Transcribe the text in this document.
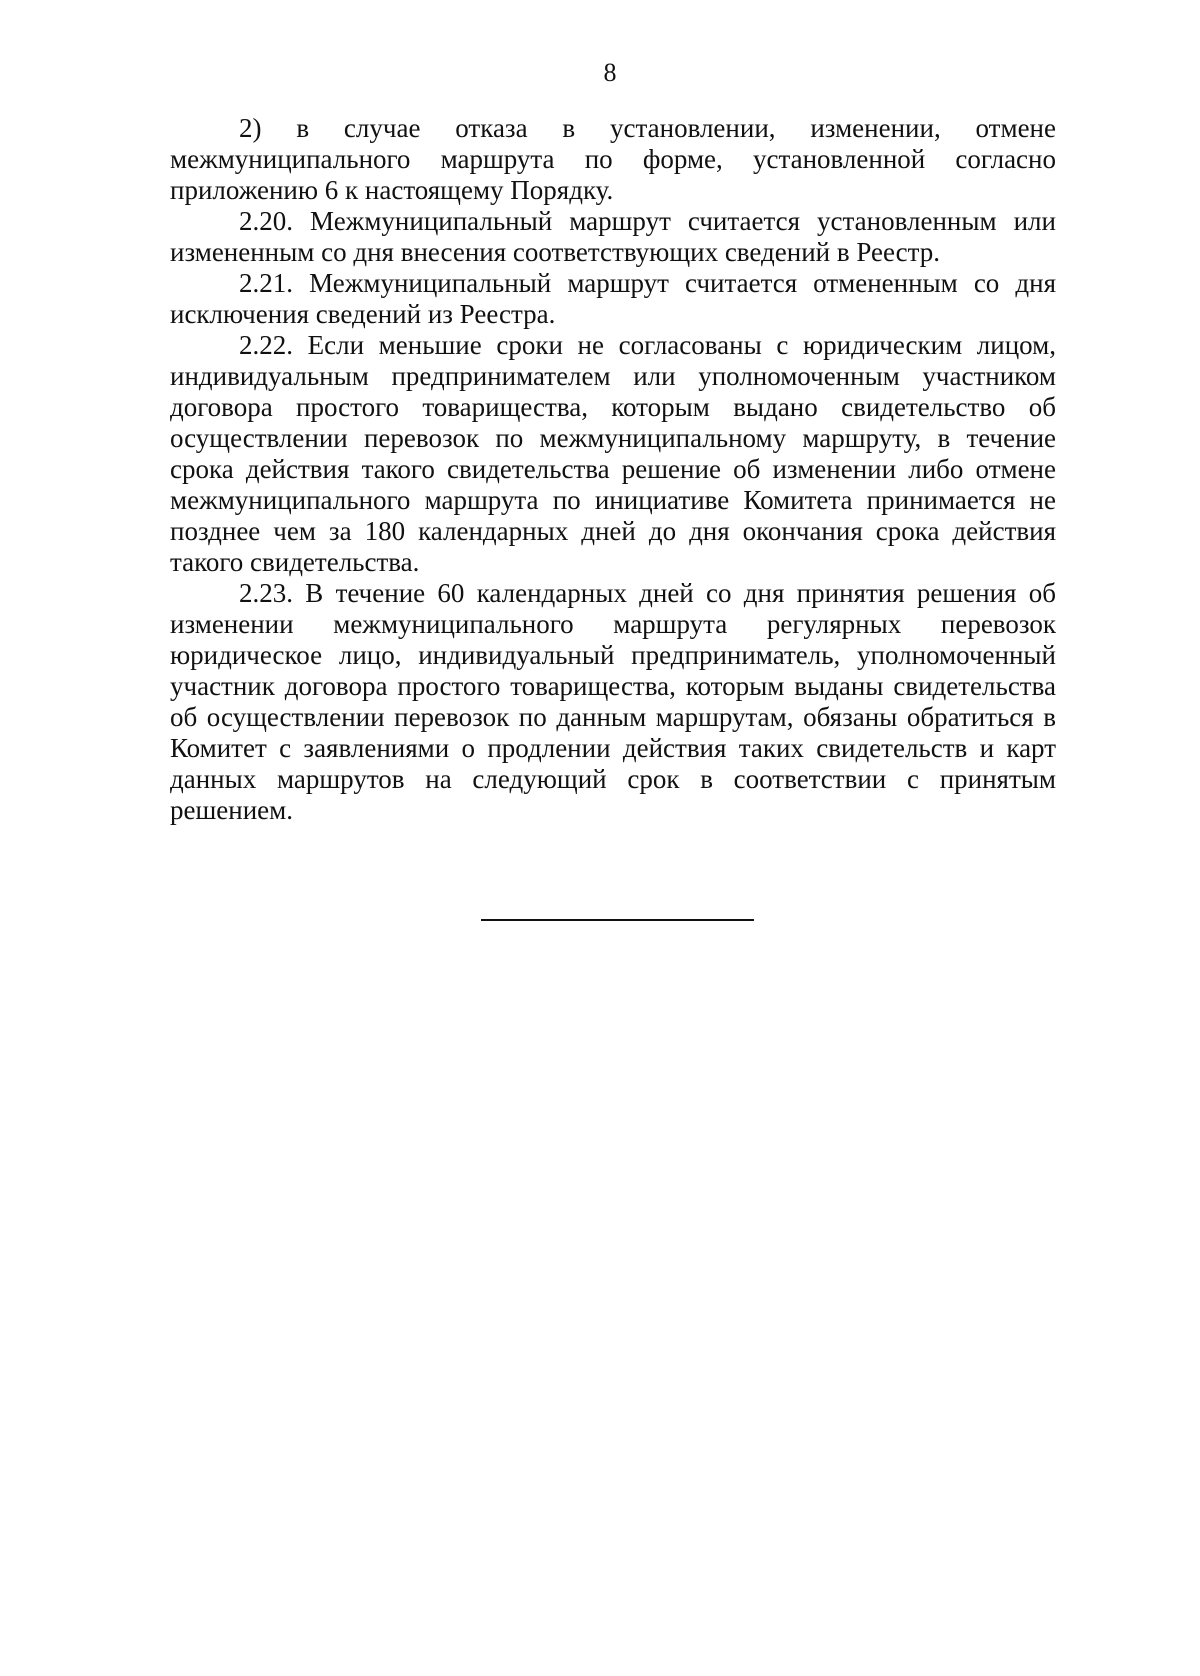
8

2) в случае отказа в установлении, изменении, отмене межмуниципального маршрута по форме, установленной согласно приложению 6 к настоящему Порядку.

2.20. Межмуниципальный маршрут считается установленным или измененным со дня внесения соответствующих сведений в Реестр.

2.21. Межмуниципальный маршрут считается отмененным со дня исключения сведений из Реестра.

2.22. Если меньшие сроки не согласованы с юридическим лицом, индивидуальным предпринимателем или уполномоченным участником договора простого товарищества, которым выдано свидетельство об осуществлении перевозок по межмуниципальному маршруту, в течение срока действия такого свидетельства решение об изменении либо отмене межмуниципального маршрута по инициативе Комитета принимается не позднее чем за 180 календарных дней до дня окончания срока действия такого свидетельства.

2.23. В течение 60 календарных дней со дня принятия решения об изменении межмуниципального маршрута регулярных перевозок юридическое лицо, индивидуальный предприниматель, уполномоченный участник договора простого товарищества, которым выданы свидетельства об осуществлении перевозок по данным маршрутам, обязаны обратиться в Комитет с заявлениями о продлении действия таких свидетельств и карт данных маршрутов на следующий срок в соответствии с принятым решением.
